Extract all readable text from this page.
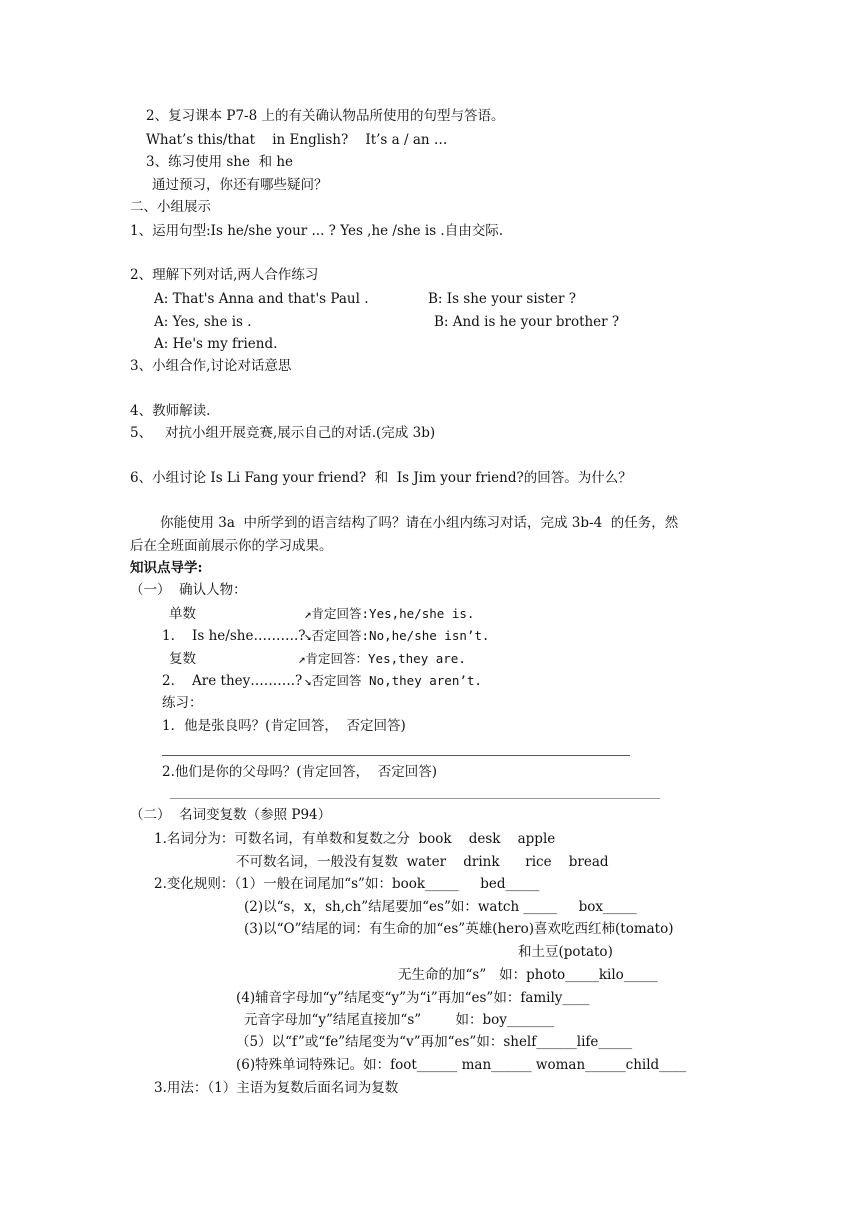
2、复习课本 P7-8 上的有关确认物品所使用的句型与答语。
What’s this/that    in English?    It’s a / an …
3、练习使用 she  和 he
通过预习，你还有哪些疑问？
二、小组展示
1、运用句型:Is he/she your ... ? Yes ,he /she is .自由交际.
2、理解下列对话,两人合作练习
A: That's Anna and that's Paul .	B: Is she your sister ?
A: Yes, she is .	B: And is he your brother ?
A: He's my friend.
3、小组合作,讨论对话意思
4、教师解读.
5、   对抗小组开展竞赛,展示自己的对话.(完成 3b)
6、小组讨论 Is Li Fang your friend?  和  Is Jim your friend?的回答。为什么？
你能使用 3a  中所学到的语言结构了吗？请在小组内练习对话，完成 3b-4  的任务，然
后在全班面前展示你的学习成果。
知识点导学:
（一）  确认人物：
单数	↗肯定回答:Yes,he/she is.
1.    Is he/she……….?
↘否定回答:No,he/she isn’t.
复数	↗肯定回答：Yes,they are.
2.    Are they……….? ↘否定回答 No,they aren’t.
练习：
1．他是张良吗？(肯定回答，  否定回答)
2.他们是你的父母吗？(肯定回答，  否定回答)
（二）  名词变复数（参照 P94）
1.名词分为：可数名词，有单数和复数之分  book    desk    apple
不可数名词，一般没有复数  water    drink      rice    bread
2.变化规则：（1）一般在词尾加“s”如：book_____     bed_____
(2)以“s，x，sh,ch”结尾要加“es”如：watch _____     box_____
(3)以“O”结尾的词：有生命的加“es”英雄(hero)喜欢吃西红柿(tomato)
和土豆(potato)
无生命的加“s”   如：photo_____kilo_____
(4)辅音字母加“y”结尾变“y”为“i”再加“es”如：family____
元音字母加“y”结尾直接加“s”        如：boy_______
（5）以“f”或“fe”结尾变为“v”再加“es”如：shelf______life_____
(6)特殊单词特殊记。如：foot______ man______ woman______child____
3.用法：（1）主语为复数后面名词为复数
